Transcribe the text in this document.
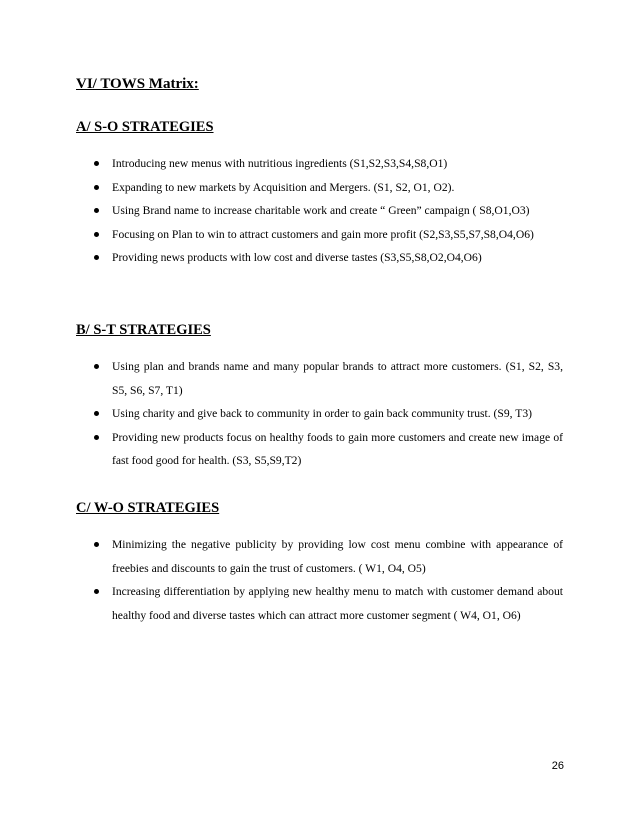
VI/ TOWS Matrix:
A/ S-O STRATEGIES
Introducing new menus with nutritious ingredients (S1,S2,S3,S4,S8,O1)
Expanding to new markets by Acquisition and Mergers. (S1, S2, O1, O2).
Using Brand name to increase charitable work and create “ Green” campaign ( S8,O1,O3)
Focusing on Plan to win to attract customers and gain more profit (S2,S3,S5,S7,S8,O4,O6)
Providing news products with low cost and diverse tastes (S3,S5,S8,O2,O4,O6)
B/ S-T STRATEGIES
Using plan and brands name and many popular brands to attract more customers. (S1, S2, S3, S5, S6, S7, T1)
Using charity and give back to community in order to gain back community trust. (S9, T3)
Providing new products focus on healthy foods to gain more customers and create new image of fast food good for health. (S3, S5,S9,T2)
C/ W-O STRATEGIES
Minimizing the negative publicity by providing low cost menu combine with appearance of freebies and discounts to gain the trust of customers. ( W1, O4, O5)
Increasing differentiation by applying new healthy menu to match with customer demand about healthy food and diverse tastes which can attract more customer segment ( W4, O1, O6)
26
